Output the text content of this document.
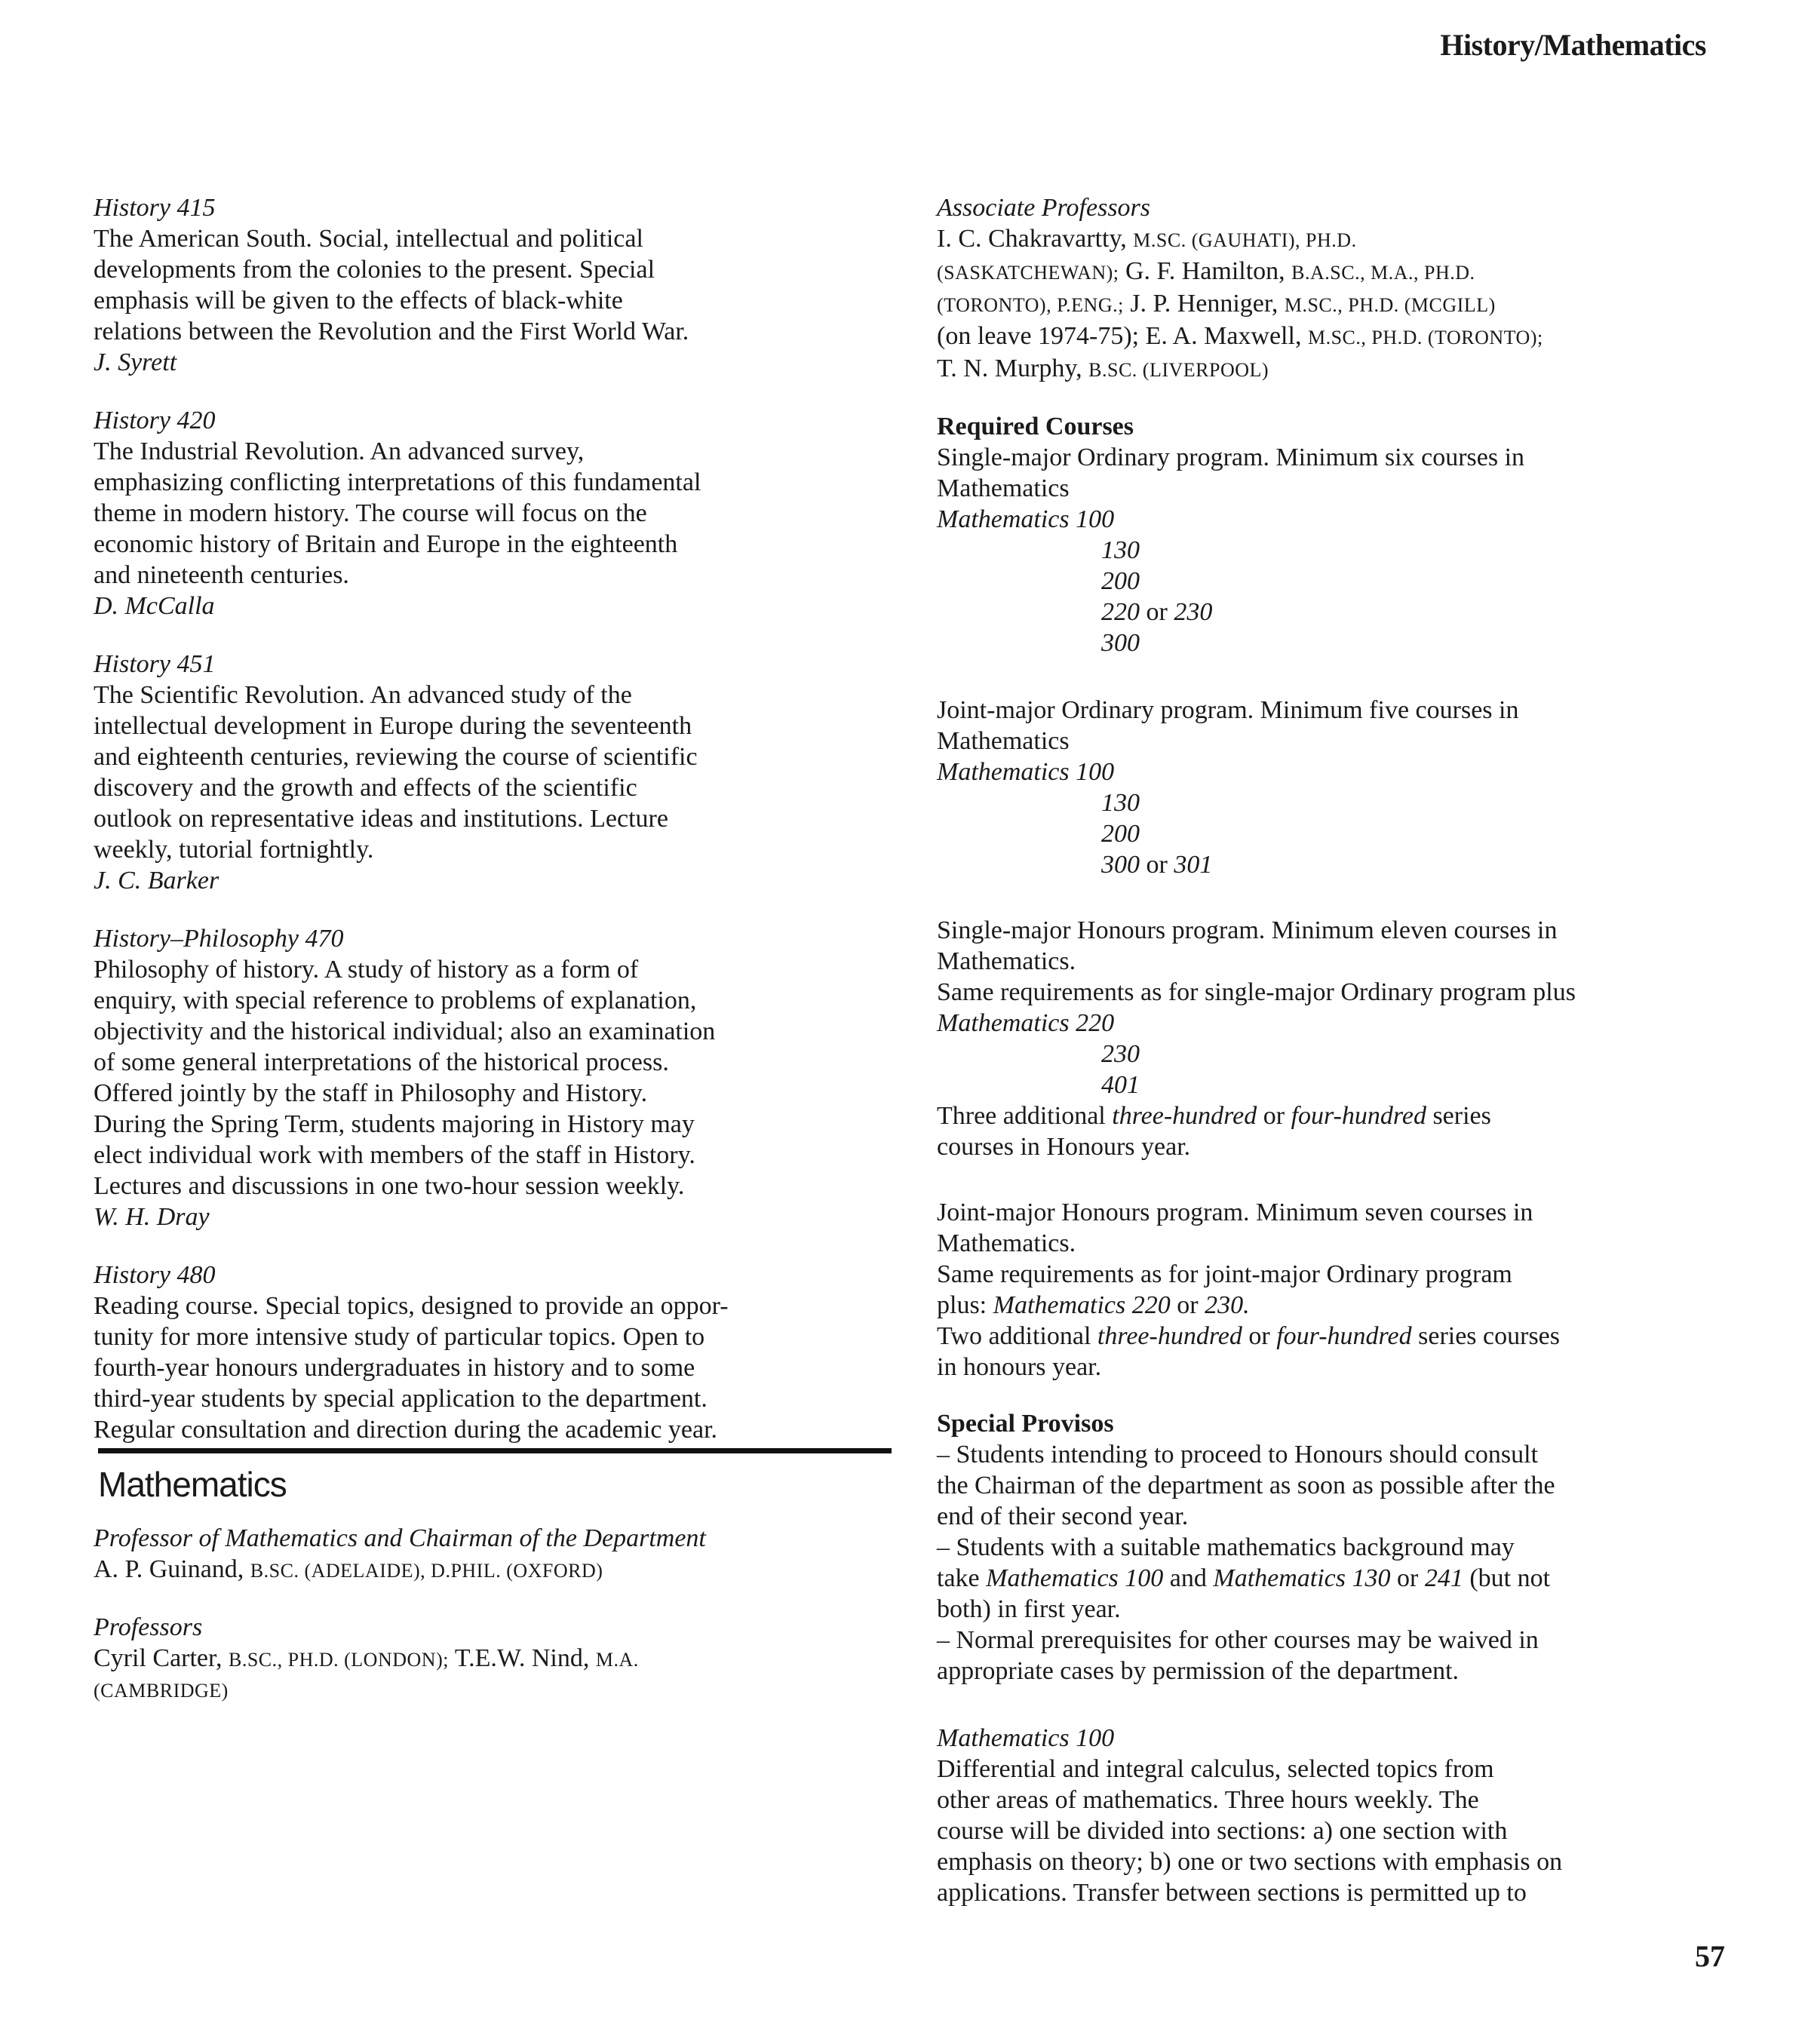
History/Mathematics
History 415
The American South. Social, intellectual and political
developments from the colonies to the present. Special
emphasis will be given to the effects of black-white
relations between the Revolution and the First World War.
J. Syrett
History 420
The Industrial Revolution. An advanced survey,
emphasizing conflicting interpretations of this fundamental
theme in modern history. The course will focus on the
economic history of Britain and Europe in the eighteenth
and nineteenth centuries.
D. McCalla
History 451
The Scientific Revolution. An advanced study of the
intellectual development in Europe during the seventeenth
and eighteenth centuries, reviewing the course of scientific
discovery and the growth and effects of the scientific
outlook on representative ideas and institutions. Lecture
weekly, tutorial fortnightly.
J. C. Barker
History–Philosophy 470
Philosophy of history. A study of history as a form of
enquiry, with special reference to problems of explanation,
objectivity and the historical individual; also an examination
of some general interpretations of the historical process.
Offered jointly by the staff in Philosophy and History.
During the Spring Term, students majoring in History may
elect individual work with members of the staff in History.
Lectures and discussions in one two-hour session weekly.
W. H. Dray
History 480
Reading course. Special topics, designed to provide an oppor-
tunity for more intensive study of particular topics. Open to
fourth-year honours undergraduates in history and to some
third-year students by special application to the department.
Regular consultation and direction during the academic year.
Mathematics
Professor of Mathematics and Chairman of the Department
A. P. Guinand, B.SC. (ADELAIDE), D.PHIL. (OXFORD)
Professors
Cyril Carter, B.SC., PH.D. (LONDON); T.E.W. Nind, M.A.
(CAMBRIDGE)
Associate Professors
I. C. Chakravartty, M.SC. (GAUHATI), PH.D.
(SASKATCHEWAN); G. F. Hamilton, B.A.SC., M.A., PH.D.
(TORONTO), P.ENG.; J. P. Henniger, M.SC., PH.D. (MCGILL)
(on leave 1974-75); E. A. Maxwell, M.SC., PH.D. (TORONTO);
T. N. Murphy, B.SC. (LIVERPOOL)
Required Courses
Single-major Ordinary program. Minimum six courses in
Mathematics
Mathematics 100
130
200
220 or 230
300
Joint-major Ordinary program. Minimum five courses in
Mathematics
Mathematics 100
130
200
300 or 301
Single-major Honours program. Minimum eleven courses in
Mathematics.
Same requirements as for single-major Ordinary program plus
Mathematics 220
230
401
Three additional three-hundred or four-hundred series
courses in Honours year.
Joint-major Honours program. Minimum seven courses in
Mathematics.
Same requirements as for joint-major Ordinary program
plus: Mathematics 220 or 230.
Two additional three-hundred or four-hundred series courses
in honours year.
Special Provisos
– Students intending to proceed to Honours should consult
the Chairman of the department as soon as possible after the
end of their second year.
– Students with a suitable mathematics background may
take Mathematics 100 and Mathematics 130 or 241 (but not
both) in first year.
– Normal prerequisites for other courses may be waived in
appropriate cases by permission of the department.
Mathematics 100
Differential and integral calculus, selected topics from
other areas of mathematics. Three hours weekly. The
course will be divided into sections: a) one section with
emphasis on theory; b) one or two sections with emphasis on
applications. Transfer between sections is permitted up to
57
